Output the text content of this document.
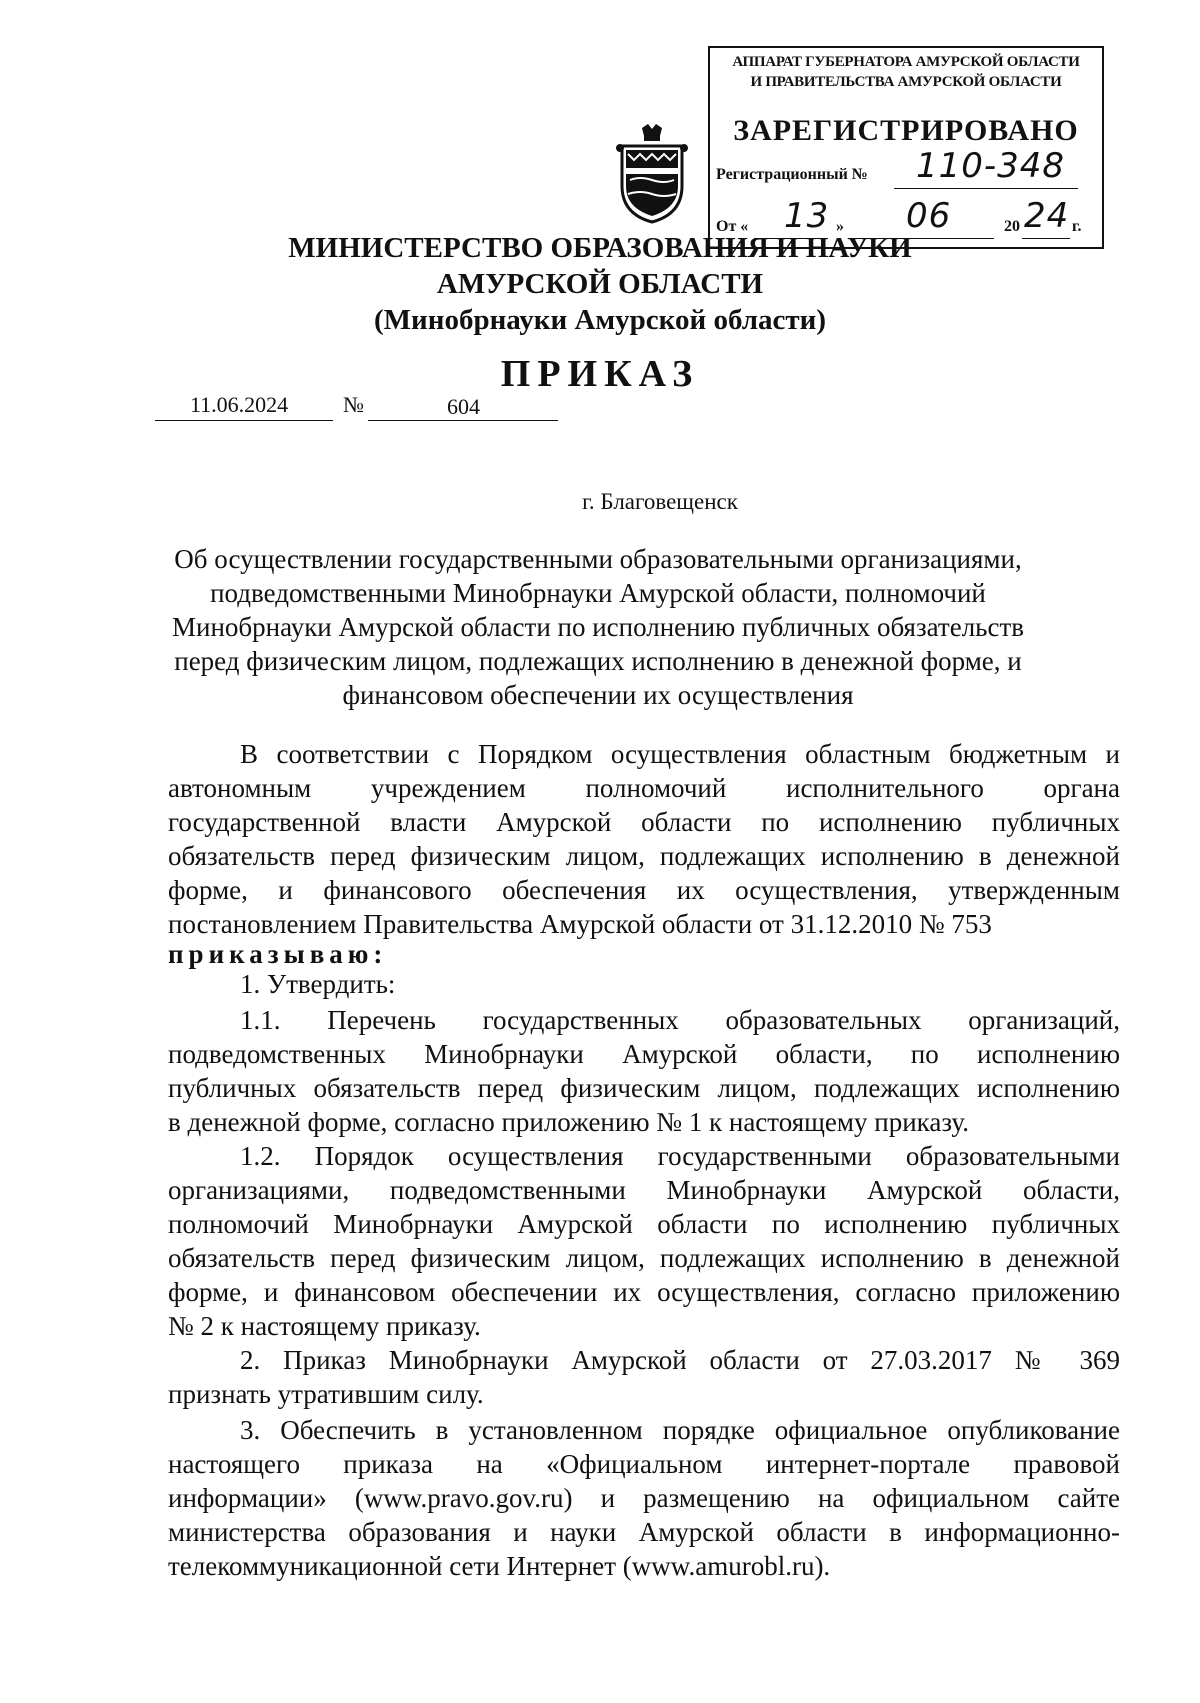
АППАРАТ ГУБЕРНАТОРА АМУРСКОЙ ОБЛАСТИ
И ПРАВИТЕЛЬСТВА АМУРСКОЙ ОБЛАСТИ
ЗАРЕГИСТРИРОВАНО
Регистрационный № 110-348
От « 13 » 06	20 24 г.
МИНИСТЕРСТВО ОБРАЗОВАНИЯ И НАУКИ
АМУРСКОЙ ОБЛАСТИ
(Минобрнауки Амурской области)
ПРИКАЗ
11.06.2024 №	604
г. Благовещенск
Об осуществлении государственными образовательными организациями,
подведомственными Минобрнауки Амурской области, полномочий
Минобрнауки Амурской области по исполнению публичных обязательств
перед физическим лицом, подлежащих исполнению в денежной форме, и
финансовом обеспечении их осуществления
В соответствии с Порядком осуществления областным бюджетным и
автономным учреждением полномочий исполнительного органа
государственной власти Амурской области по исполнению публичных
обязательств перед физическим лицом, подлежащих исполнению в денежной
форме, и финансового обеспечения их осуществления, утвержденным
постановлением Правительства Амурской области от 31.12.2010 № 753
приказываю:
1. Утвердить:
1.1. Перечень государственных образовательных организаций,
подведомственных Минобрнауки Амурской области, по исполнению
публичных обязательств перед физическим лицом, подлежащих исполнению
в денежной форме, согласно приложению № 1 к настоящему приказу.
1.2. Порядок осуществления государственными образовательными
организациями, подведомственными Минобрнауки Амурской области,
полномочий Минобрнауки Амурской области по исполнению публичных
обязательств перед физическим лицом, подлежащих исполнению в денежной
форме, и финансовом обеспечении их осуществления, согласно приложению
№ 2 к настоящему приказу.
2. Приказ Минобрнауки Амурской области от 27.03.2017 № 369
признать утратившим силу.
3. Обеспечить в установленном порядке официальное опубликование
настоящего приказа на «Официальном интернет-портале правовой
информации» (www.pravo.gov.ru) и размещению на официальном сайте
министерства образования и науки Амурской области в информационно-
телекоммуникационной сети Интернет (www.amurobl.ru).
